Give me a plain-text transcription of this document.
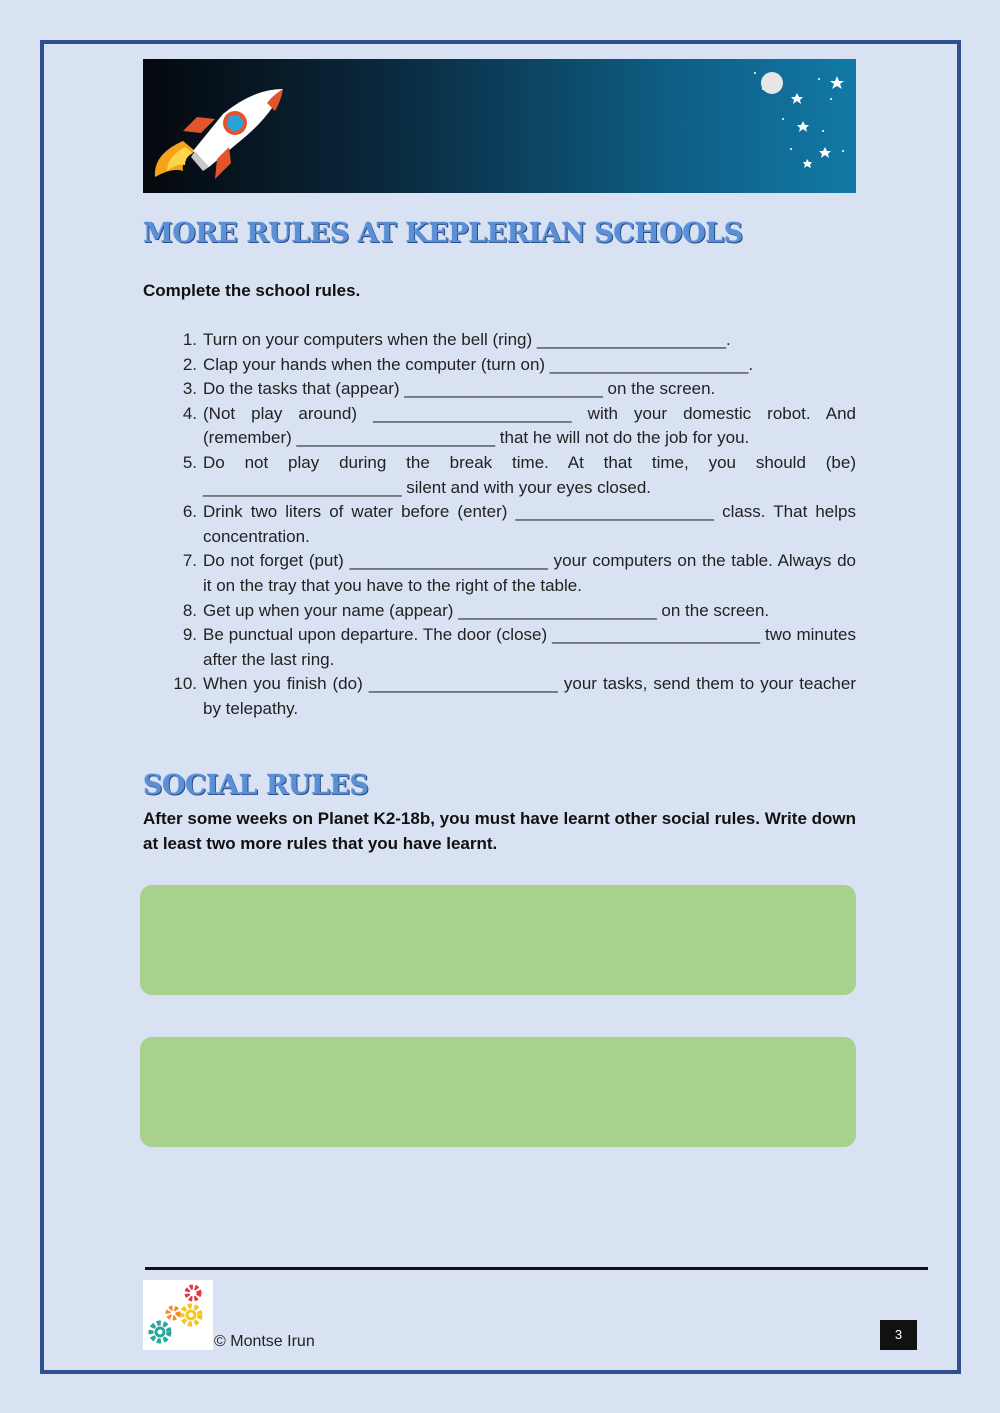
MORE RULES AT KEPLERIAN SCHOOLS
Complete the school rules.
1. Turn on your computers when the bell (ring) ____________________.
2. Clap your hands when the computer (turn on) _____________________.
3. Do the tasks that (appear) _____________________ on the screen.
4. (Not play around) _____________________ with your domestic robot. And (remember) _____________________ that he will not do the job for you.
5. Do not play during the break time. At that time, you should (be) _____________________ silent and with your eyes closed.
6. Drink two liters of water before (enter) _____________________ class. That helps concentration.
7. Do not forget (put) _____________________ your computers on the table. Always do it on the tray that you have to the right of the table.
8. Get up when your name (appear) _____________________ on the screen.
9. Be punctual upon departure. The door (close) ______________________ two minutes after the last ring.
10. When you finish (do) ____________________ your tasks, send them to your teacher by telepathy.
SOCIAL RULES
After some weeks on Planet K2-18b, you must have learnt other social rules. Write down at least two more rules that you have learnt.
© Montse Irun	3
